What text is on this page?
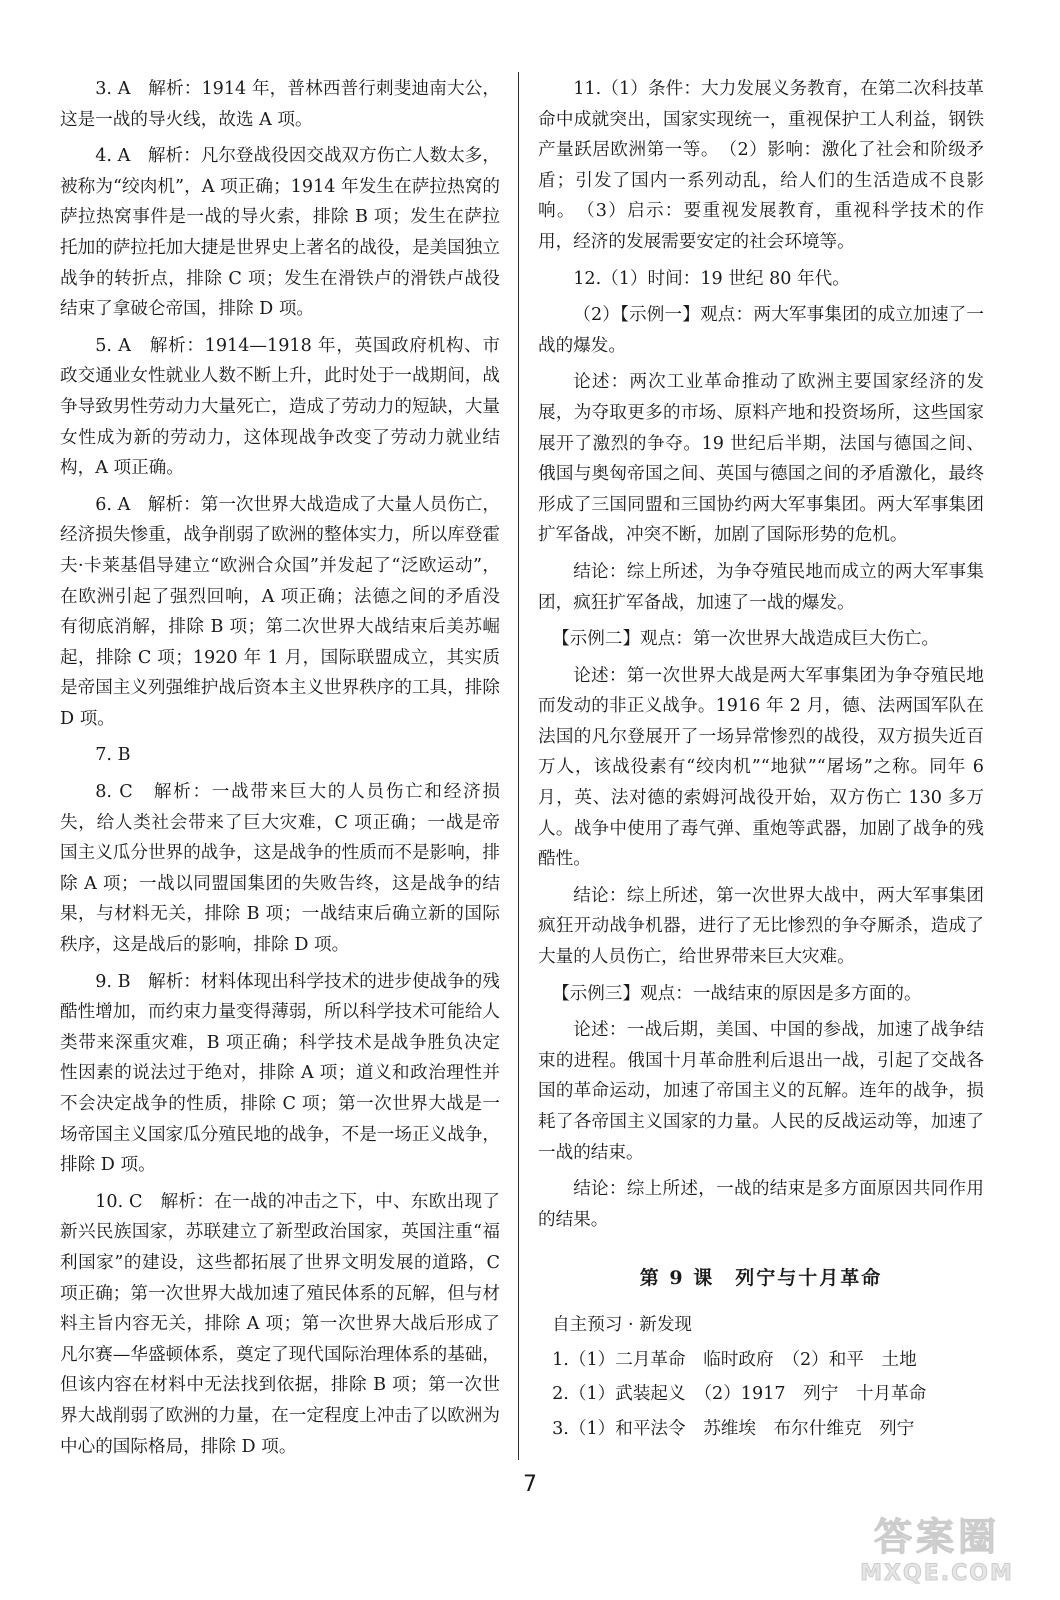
3. A　解析：1914 年，普林西普行刺斐迪南大公，这是一战的导火线，故选 A 项。

4. A　解析：凡尔登战役因交战双方伤亡人数太多，被称为“绞肉机”，A 项正确；1914 年发生在萨拉热窝的萨拉热窝事件是一战的导火索，排除 B 项；发生在萨拉托加的萨拉托加大捷是世界史上著名的战役，是美国独立战争的转折点，排除 C 项；发生在滑铁卢的滑铁卢战役结束了拿破仑帝国，排除 D 项。

5. A　解析：1914—1918 年，英国政府机构、市政交通业女性就业人数不断上升，此时处于一战期间，战争导致男性劳动力大量死亡，造成了劳动力的短缺，大量女性成为新的劳动力，这体现战争改变了劳动力就业结构，A 项正确。

6. A　解析：第一次世界大战造成了大量人员伤亡，经济损失惨重，战争削弱了欧洲的整体实力，所以库登霍夫·卡莱基倡导建立“欧洲合众国”并发起了“泛欧运动”，在欧洲引起了强烈回响，A 项正确；法德之间的矛盾没有彻底消解，排除 B 项；第二次世界大战结束后美苏崛起，排除 C 项；1920 年 1 月，国际联盟成立，其实质是帝国主义列强维护战后资本主义世界秩序的工具，排除 D 项。

7. B

8. C　解析：一战带来巨大的人员伤亡和经济损失，给人类社会带来了巨大灾难，C 项正确；一战是帝国主义瓜分世界的战争，这是战争的性质而不是影响，排除 A 项；一战以同盟国集团的失败告终，这是战争的结果，与材料无关，排除 B 项；一战结束后确立新的国际秩序，这是战后的影响，排除 D 项。

9. B　解析：材料体现出科学技术的进步使战争的残酷性增加，而约束力量变得薄弱，所以科学技术可能给人类带来深重灾难，B 项正确；科学技术是战争胜负决定性因素的说法过于绝对，排除 A 项；道义和政治理性并不会决定战争的性质，排除 C 项；第一次世界大战是一场帝国主义国家瓜分殖民地的战争，不是一场正义战争，排除 D 项。

10. C　解析：在一战的冲击之下，中、东欧出现了新兴民族国家，苏联建立了新型政治国家，英国注重“福利国家”的建设，这些都拓展了世界文明发展的道路，C 项正确；第一次世界大战加速了殖民体系的瓦解，但与材料主旨内容无关，排除 A 项；第一次世界大战后形成了凡尔赛—华盛顿体系，奠定了现代国际治理体系的基础，但该内容在材料中无法找到依据，排除 B 项；第一次世界大战削弱了欧洲的力量，在一定程度上冲击了以欧洲为中心的国际格局，排除 D 项。

11.（1）条件：大力发展义务教育，在第二次科技革命中成就突出，国家实现统一，重视保护工人利益，钢铁产量跃居欧洲第一等。　（2）影响：激化了社会和阶级矛盾；引发了国内一系列动乱，给人们的生活造成不良影响。　（3）启示：要重视发展教育，重视科学技术的作用，经济的发展需要安定的社会环境等。

12.（1）时间：19 世纪 80 年代。

（2）【示例一】观点：两大军事集团的成立加速了一战的爆发。

论述：两次工业革命推动了欧洲主要国家经济的发展，为夺取更多的市场、原料产地和投资场所，这些国家展开了激烈的争夺。19 世纪后半期，法国与德国之间、俄国与奥匈帝国之间、英国与德国之间的矛盾激化，最终形成了三国同盟和三国协约两大军事集团。两大军事集团扩军备战，冲突不断，加剧了国际形势的危机。

结论：综上所述，为争夺殖民地而成立的两大军事集团，疯狂扩军备战，加速了一战的爆发。

【示例二】观点：第一次世界大战造成巨大伤亡。

论述：第一次世界大战是两大军事集团为争夺殖民地而发动的非正义战争。1916 年 2 月，德、法两国军队在法国的凡尔登展开了一场异常惨烈的战役，双方损失近百万人，该战役素有“绞肉机”“地狱”“屠场”之称。同年 6 月，英、法对德的索姆河战役开始，双方伤亡 130 多万人。战争中使用了毒气弹、重炮等武器，加剧了战争的残酷性。

结论：综上所述，第一次世界大战中，两大军事集团疯狂开动战争机器，进行了无比惨烈的争夺厮杀，造成了大量的人员伤亡，给世界带来巨大灾难。

【示例三】观点：一战结束的原因是多方面的。

论述：一战后期，美国、中国的参战，加速了战争结束的进程。俄国十月革命胜利后退出一战，引起了交战各国的革命运动，加速了帝国主义的瓦解。连年的战争，损耗了各帝国主义国家的力量。人民的反战运动等，加速了一战的结束。

结论：综上所述，一战的结束是多方面原因共同作用的结果。

第 9 课　列宁与十月革命

自主预习 · 新发现

1.（1）二月革命　临时政府　（2）和平　土地

2.（1）武装起义　（2）1917　列宁　十月革命

3.（1）和平法令　苏维埃　布尔什维克　列宁

7
答案圈
MXQE.COM
